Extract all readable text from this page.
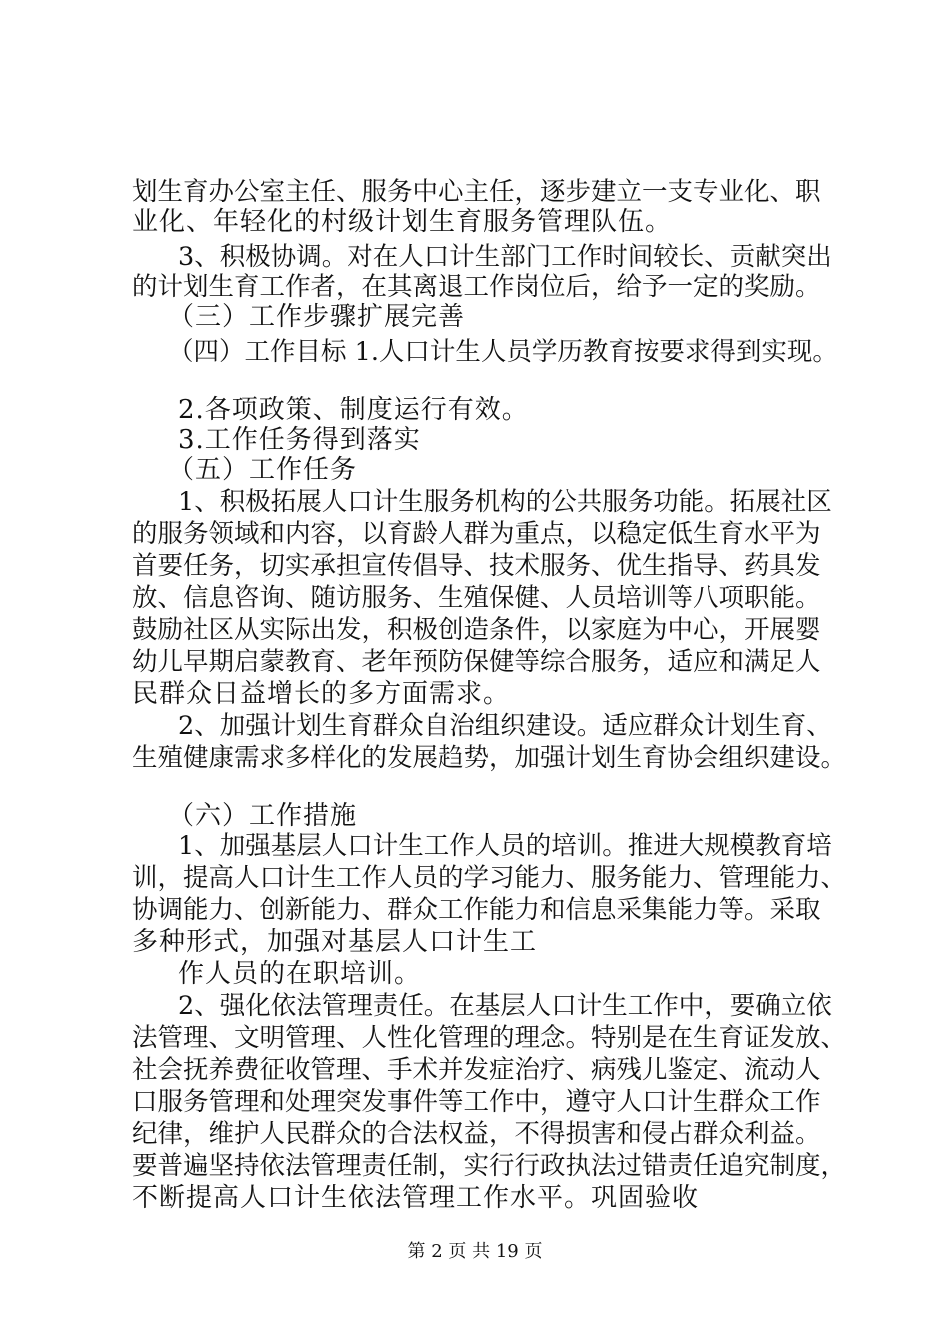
划生育办公室主任、服务中心主任，逐步建立一支专业化、职
业化、年轻化的村级计划生育服务管理队伍。
3、积极协调。对在人口计生部门工作时间较长、贡献突出
的计划生育工作者，在其离退工作岗位后，给予一定的奖励。
（三）工作步骤扩展完善
（四）工作目标 1.人口计生人员学历教育按要求得到实现。
2.各项政策、制度运行有效。
3.工作任务得到落实
（五）工作任务
1、积极拓展人口计生服务机构的公共服务功能。拓展社区
的服务领域和内容，以育龄人群为重点，以稳定低生育水平为
首要任务，切实承担宣传倡导、技术服务、优生指导、药具发
放、信息咨询、随访服务、生殖保健、人员培训等八项职能。
鼓励社区从实际出发，积极创造条件，以家庭为中心，开展婴
幼儿早期启蒙教育、老年预防保健等综合服务，适应和满足人
民群众日益增长的多方面需求。
2、加强计划生育群众自治组织建设。适应群众计划生育、
生殖健康需求多样化的发展趋势，加强计划生育协会组织建设。
（六）工作措施
1、加强基层人口计生工作人员的培训。推进大规模教育培
训，提高人口计生工作人员的学习能力、服务能力、管理能力、
协调能力、创新能力、群众工作能力和信息采集能力等。采取
多种形式，加强对基层人口计生工
作人员的在职培训。
2、强化依法管理责任。在基层人口计生工作中，要确立依
法管理、文明管理、人性化管理的理念。特别是在生育证发放、
社会抚养费征收管理、手术并发症治疗、病残儿鉴定、流动人
口服务管理和处理突发事件等工作中，遵守人口计生群众工作
纪律，维护人民群众的合法权益，不得损害和侵占群众利益。
要普遍坚持依法管理责任制，实行行政执法过错责任追究制度，
不断提高人口计生依法管理工作水平。巩固验收
第 2 页 共 19 页
